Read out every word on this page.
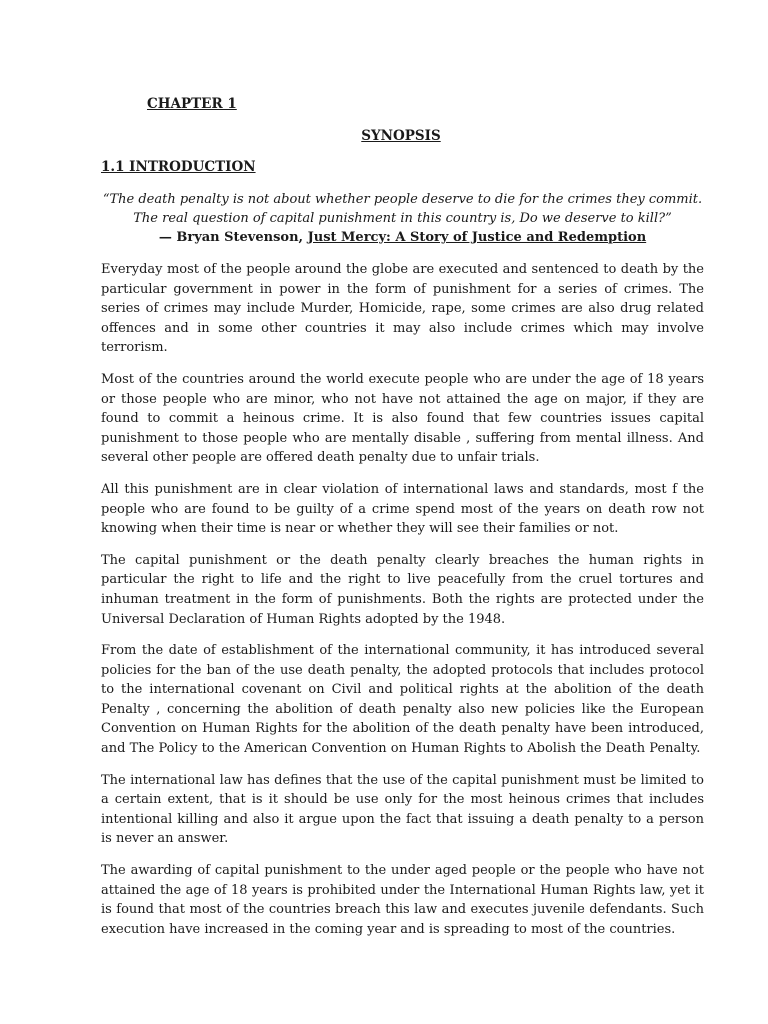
CHAPTER 1
SYNOPSIS
1.1 INTRODUCTION
“The death penalty is not about whether people deserve to die for the crimes they commit. The real question of capital punishment in this country is, Do we deserve to kill?”
— Bryan Stevenson, Just Mercy: A Story of Justice and Redemption

Everyday most of the people around the globe are executed and sentenced to death by the particular government in power in the form of punishment for a series of crimes. The series of crimes may include Murder, Homicide, rape, some crimes are also drug related offences and in some other countries it may also include crimes which may involve terrorism.

Most of the countries around the world execute people who are under the age of 18 years or those people who are minor, who not have not attained the age on major, if they are found to commit a heinous crime. It is also found that few countries issues capital punishment to those people who are mentally disable , suffering from mental illness. And several other people are offered death penalty due to unfair trials.

All this punishment are in clear violation of international laws and standards, most f the people who are found to be guilty of a crime spend most of the years on death row not knowing when their time is near or whether they will see their families or not.

The capital punishment or the death penalty clearly breaches the human rights in particular the right to life and the right to live peacefully from the cruel tortures and inhuman treatment in the form of punishments. Both the rights are protected under the Universal Declaration of Human Rights adopted by the 1948.

From the date of establishment of the international community, it has introduced several policies for the ban of the use death penalty, the adopted protocols that includes protocol to the international covenant on Civil and political rights at the abolition of the death Penalty , concerning the abolition of death penalty also new policies like the European Convention on Human Rights for the abolition of the death penalty have been introduced, and The Policy to the American Convention on Human Rights to Abolish the Death Penalty.

The international law has defines that the use of the capital punishment must be limited to a certain extent, that is it should be use only for the most heinous crimes that includes intentional killing and also it argue upon the fact that issuing a death penalty to a person is never an answer.

The awarding of capital punishment to the under aged people or the people who have not attained the age of 18 years is prohibited under the International Human Rights law, yet it is found that most of the countries breach this law and executes juvenile defendants. Such execution have increased in the coming year and is spreading to most of the countries.
